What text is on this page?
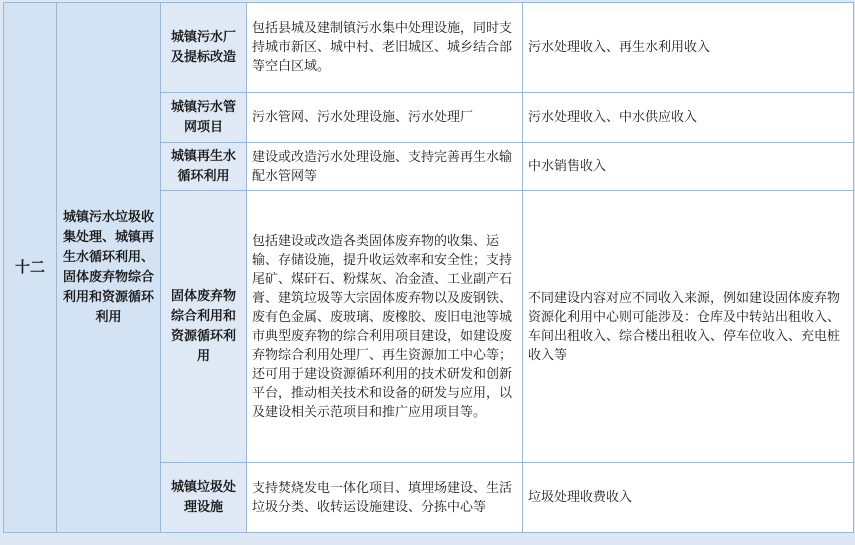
十二	城镇污水垃圾收集处理、城镇再生水循环利用、固体废弃物综合利用和资源循环利用	城镇污水厂及提标改造	包括县城及建制镇污水集中处理设施，同时支持城市新区、城中村、老旧城区、城乡结合部等空白区域。	污水处理收入、再生水利用收入
		城镇污水管网项目	污水管网、污水处理设施、污水处理厂	污水处理收入、中水供应收入
		城镇再生水循环利用	建设或改造污水处理设施、支持完善再生水输配水管网等	中水销售收入
		固体废弃物综合利用和资源循环利用	包括建设或改造各类固体废弃物的收集、运输、存储设施，提升收运效率和安全性；支持尾矿、煤矸石、粉煤灰、冶金渣、工业副产石膏、建筑垃圾等大宗固体废弃物以及废钢铁、废有色金属、废玻璃、废橡胶、废旧电池等城市典型废弃物的综合利用项目建设，如建设废弃物综合利用处理厂、再生资源加工中心等；还可用于建设资源循环利用的技术研发和创新平台，推动相关技术和设备的研发与应用，以及建设相关示范项目和推广应用项目等。	不同建设内容对应不同收入来源，例如建设固体废弃物资源化利用中心则可能涉及：仓库及中转站出租收入、车间出租收入、综合楼出租收入、停车位收入、充电桩收入等
		城镇垃圾处理设施	支持焚烧发电一体化项目、填埋场建设、生活垃圾分类、收转运设施建设、分拣中心等	垃圾处理收费收入
